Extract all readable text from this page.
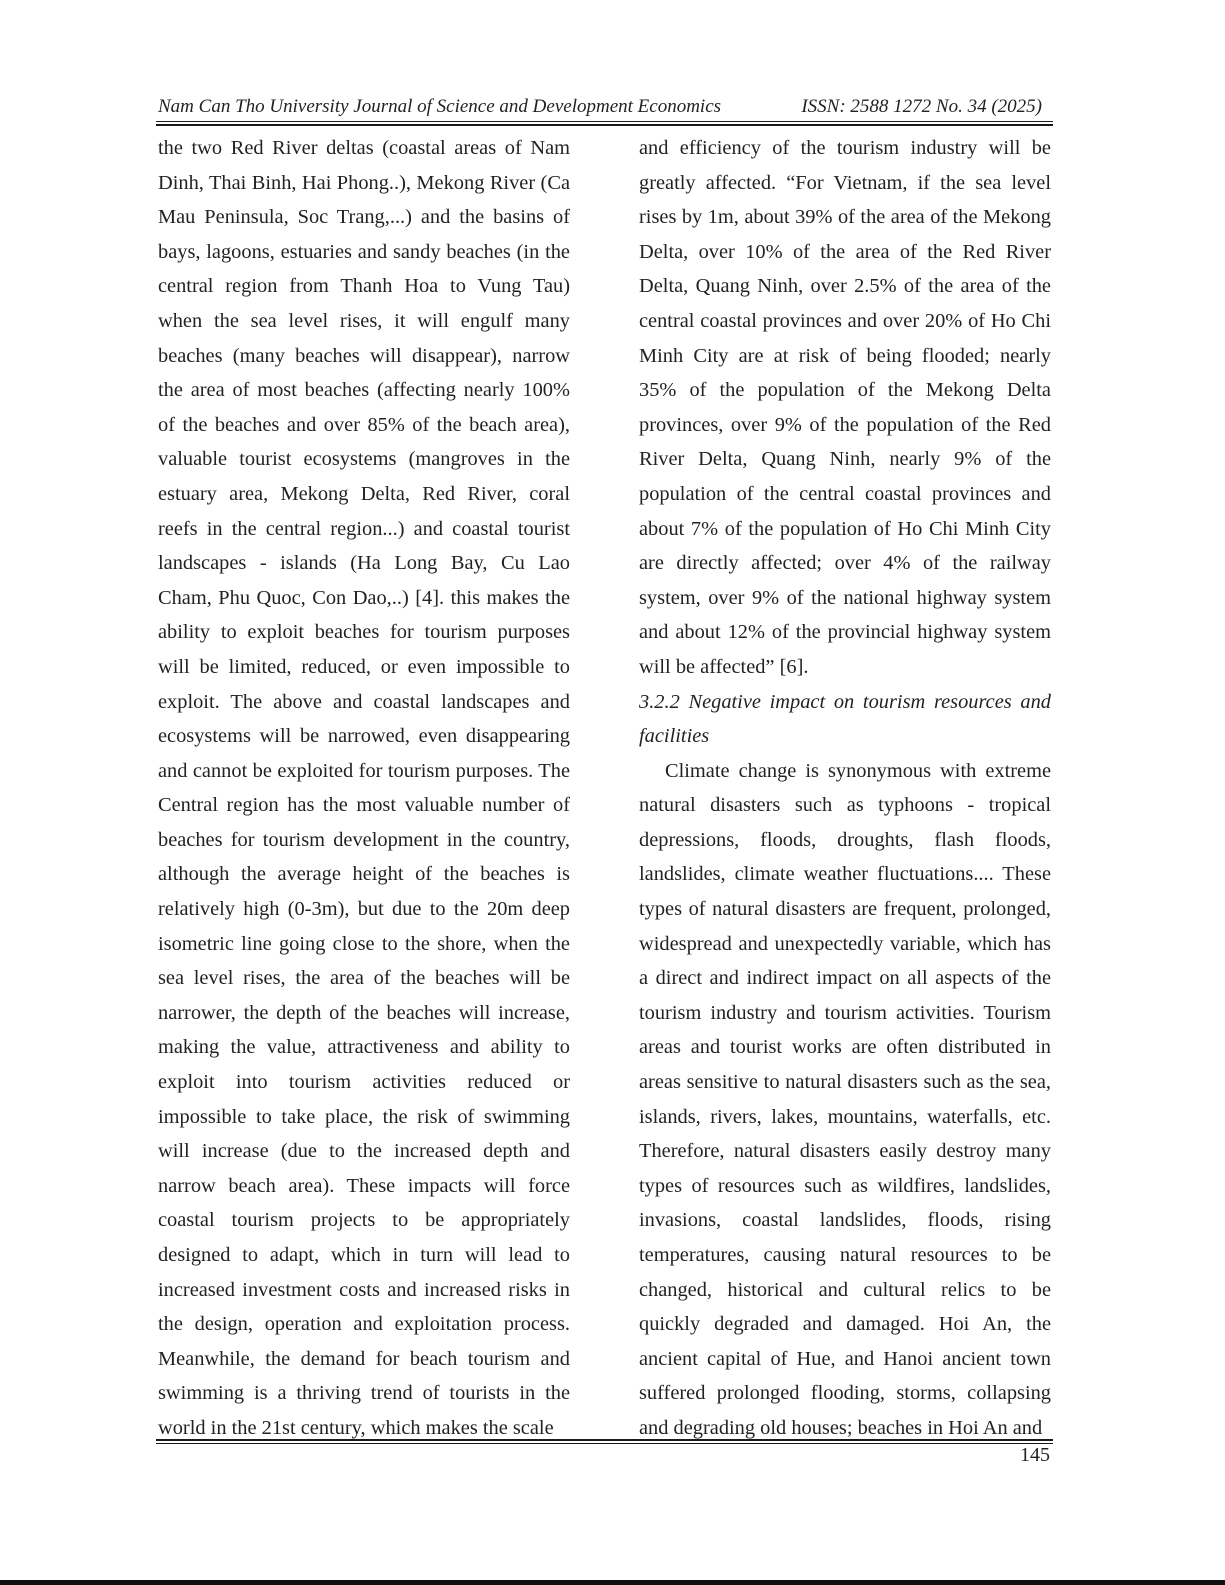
Nam Can Tho University Journal of Science and Development Economics	ISSN: 2588 1272 No. 34 (2025)

the two Red River deltas (coastal areas of Nam Dinh, Thai Binh, Hai Phong..), Mekong River (Ca Mau Peninsula, Soc Trang,...) and the basins of bays, lagoons, estuaries and sandy beaches (in the central region from Thanh Hoa to Vung Tau) when the sea level rises, it will engulf many beaches (many beaches will disappear), narrow the area of most beaches (affecting nearly 100% of the beaches and over 85% of the beach area), valuable tourist ecosystems (mangroves in the estuary area, Mekong Delta, Red River, coral reefs in the central region...) and coastal tourist landscapes - islands (Ha Long Bay, Cu Lao Cham, Phu Quoc, Con Dao,..) [4]. this makes the ability to exploit beaches for tourism purposes will be limited, reduced, or even impossible to exploit. The above and coastal landscapes and ecosystems will be narrowed, even disappearing and cannot be exploited for tourism purposes. The Central region has the most valuable number of beaches for tourism development in the country, although the average height of the beaches is relatively high (0-3m), but due to the 20m deep isometric line going close to the shore, when the sea level rises, the area of the beaches will be narrower, the depth of the beaches will increase, making the value, attractiveness and ability to exploit into tourism activities reduced or impossible to take place, the risk of swimming will increase (due to the increased depth and narrow beach area). These impacts will force coastal tourism projects to be appropriately designed to adapt, which in turn will lead to increased investment costs and increased risks in the design, operation and exploitation process. Meanwhile, the demand for beach tourism and swimming is a thriving trend of tourists in the world in the 21st century, which makes the scale

and efficiency of the tourism industry will be greatly affected. “For Vietnam, if the sea level rises by 1m, about 39% of the area of the Mekong Delta, over 10% of the area of the Red River Delta, Quang Ninh, over 2.5% of the area of the central coastal provinces and over 20% of Ho Chi Minh City are at risk of being flooded; nearly 35% of the population of the Mekong Delta provinces, over 9% of the population of the Red River Delta, Quang Ninh, nearly 9% of the population of the central coastal provinces and about 7% of the population of Ho Chi Minh City are directly affected; over 4% of the railway system, over 9% of the national highway system and about 12% of the provincial highway system will be affected” [6].

3.2.2 Negative impact on tourism resources and facilities

Climate change is synonymous with extreme natural disasters such as typhoons - tropical depressions, floods, droughts, flash floods, landslides, climate weather fluctuations.... These types of natural disasters are frequent, prolonged, widespread and unexpectedly variable, which has a direct and indirect impact on all aspects of the tourism industry and tourism activities. Tourism areas and tourist works are often distributed in areas sensitive to natural disasters such as the sea, islands, rivers, lakes, mountains, waterfalls, etc. Therefore, natural disasters easily destroy many types of resources such as wildfires, landslides, invasions, coastal landslides, floods, rising temperatures, causing natural resources to be changed, historical and cultural relics to be quickly degraded and damaged. Hoi An, the ancient capital of Hue, and Hanoi ancient town suffered prolonged flooding, storms, collapsing and degrading old houses; beaches in Hoi An and

145
